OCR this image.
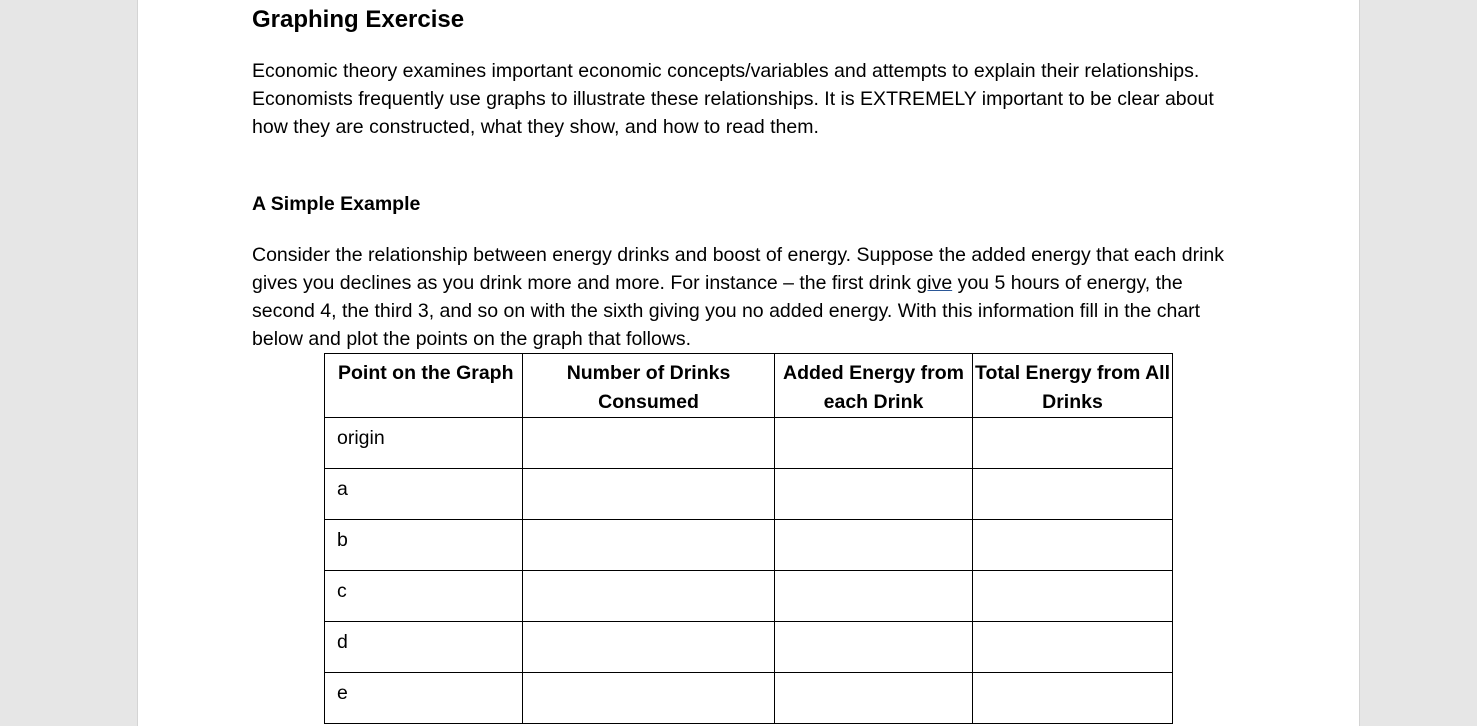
Graphing Exercise

Economic theory examines important economic concepts/variables and attempts to explain their relationships. Economists frequently use graphs to illustrate these relationships. It is EXTREMELY important to be clear about how they are constructed, what they show, and how to read them.

A Simple Example

Consider the relationship between energy drinks and boost of energy. Suppose the added energy that each drink gives you declines as you drink more and more. For instance – the first drink give you 5 hours of energy, the second 4, the third 3, and so on with the sixth giving you no added energy. With this information fill in the chart below and plot the points on the graph that follows.

Point on the Graph	Number of Drinks Consumed	Added Energy from each Drink	Total Energy from All Drinks
origin			
a			
b			
c			
d			
e			
